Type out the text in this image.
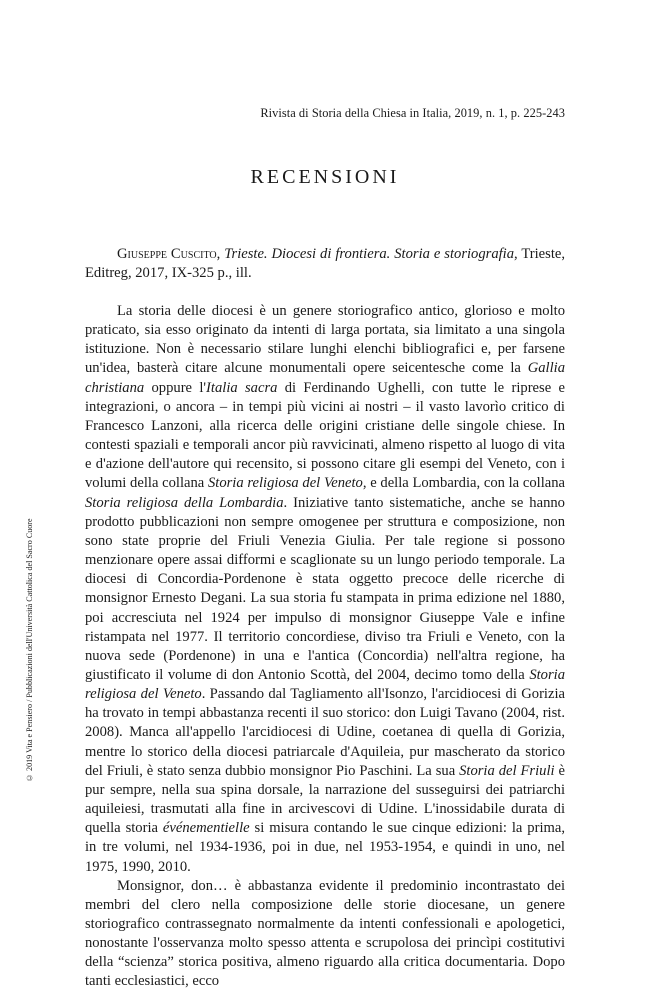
Rivista di Storia della Chiesa in Italia, 2019, n. 1, p. 225-243
RECENSIONI
© 2019 Vita e Pensiero / Pubblicazioni dell'Università Cattolica del Sacro Cuore
Giuseppe Cuscito, Trieste. Diocesi di frontiera. Storia e storiografia, Trieste, Editreg, 2017, IX-325 p., ill.

La storia delle diocesi è un genere storiografico antico, glorioso e molto praticato, sia esso originato da intenti di larga portata, sia limitato a una singola istituzione. Non è necessario stilare lunghi elenchi bibliografici e, per farsene un'idea, basterà citare alcune monumentali opere seicentesche come la Gallia christiana oppure l'Italia sacra di Ferdinando Ughelli, con tutte le riprese e integrazioni, o ancora – in tempi più vicini ai nostri – il vasto lavorìo critico di Francesco Lanzoni, alla ricerca delle origini cristiane delle singole chiese. In contesti spaziali e temporali ancor più ravvicinati, almeno rispetto al luogo di vita e d'azione dell'autore qui recensito, si possono citare gli esempi del Veneto, con i volumi della collana Storia religiosa del Veneto, e della Lombardia, con la collana Storia religiosa della Lombardia. Iniziative tanto sistematiche, anche se hanno prodotto pubblicazioni non sempre omogenee per struttura e composizione, non sono state proprie del Friuli Venezia Giulia. Per tale regione si possono menzionare opere assai difformi e scaglionate su un lungo periodo temporale. La diocesi di Concordia-Pordenone è stata oggetto precoce delle ricerche di monsignor Ernesto Degani. La sua storia fu stampata in prima edizione nel 1880, poi accresciuta nel 1924 per impulso di monsignor Giuseppe Vale e infine ristampata nel 1977. Il territorio concordiese, diviso tra Friuli e Veneto, con la nuova sede (Pordenone) in una e l'antica (Concordia) nell'altra regione, ha giustificato il volume di don Antonio Scottà, del 2004, decimo tomo della Storia religiosa del Veneto. Passando dal Tagliamento all'Isonzo, l'arcidiocesi di Gorizia ha trovato in tempi abbastanza recenti il suo storico: don Luigi Tavano (2004, rist. 2008). Manca all'appello l'arcidiocesi di Udine, coetanea di quella di Gorizia, mentre lo storico della diocesi patriarcale d'Aquileia, pur mascherato da storico del Friuli, è stato senza dubbio monsignor Pio Paschini. La sua Storia del Friuli è pur sempre, nella sua spina dorsale, la narrazione del susseguirsi dei patriarchi aquileiesi, trasmutati alla fine in arcivescovi di Udine. L'inossidabile durata di quella storia événementielle si misura contando le sue cinque edizioni: la prima, in tre volumi, nel 1934-1936, poi in due, nel 1953-1954, e quindi in uno, nel 1975, 1990, 2010.

Monsignor, don… è abbastanza evidente il predominio incontrastato dei membri del clero nella composizione delle storie diocesane, un genere storiografico contrassegnato normalmente da intenti confessionali e apologetici, nonostante l'osservanza molto spesso attenta e scrupolosa dei princìpi costitutivi della “scienza” storica positiva, almeno riguardo alla critica documentaria. Dopo tanti ecclesiastici, ecco
